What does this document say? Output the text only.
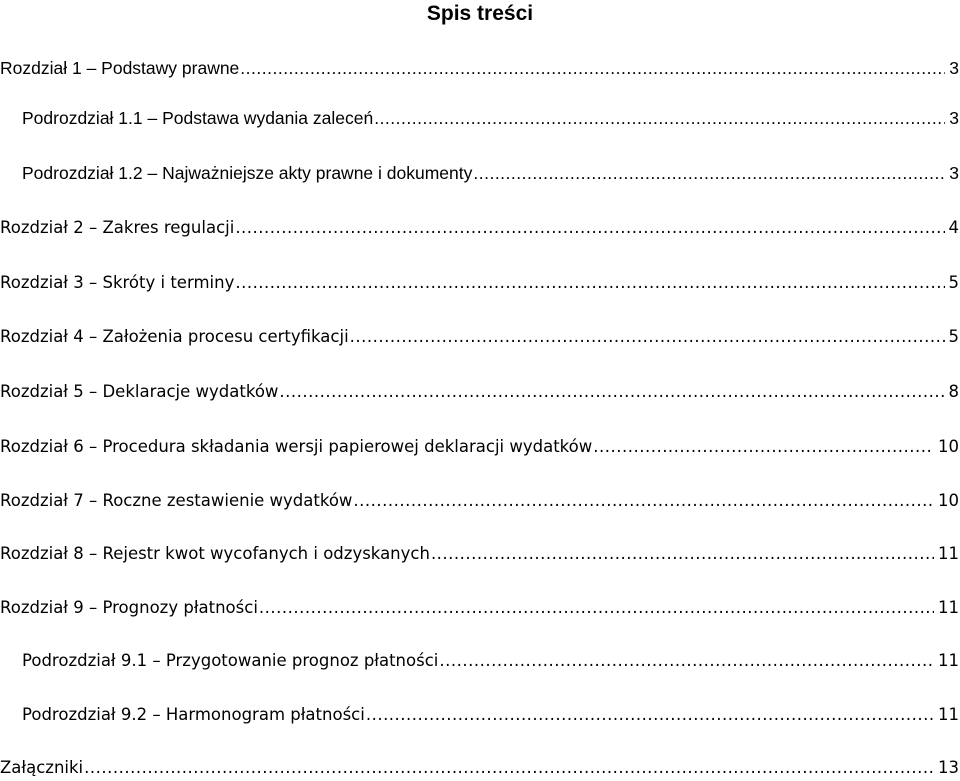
Spis treści
Rozdział 1 – Podstawy prawne .....	3
Podrozdział 1.1 – Podstawa wydania zaleceń .....	3
Podrozdział 1.2 – Najważniejsze akty prawne i dokumenty .....	3
Rozdział 2 – Zakres regulacji .....	4
Rozdział 3 – Skróty i terminy .....	5
Rozdział 4 – Założenia procesu certyfikacji .....	5
Rozdział 5 – Deklaracje wydatków .....	8
Rozdział 6 – Procedura składania wersji papierowej deklaracji wydatków .....	10
Rozdział 7 – Roczne zestawienie wydatków .....	10
Rozdział 8 – Rejestr kwot wycofanych i odzyskanych .....	11
Rozdział 9 – Prognozy płatności .....	11
Podrozdział 9.1 – Przygotowanie prognoz płatności .....	11
Podrozdział 9.2 – Harmonogram płatności .....	11
Załączniki .....	13
